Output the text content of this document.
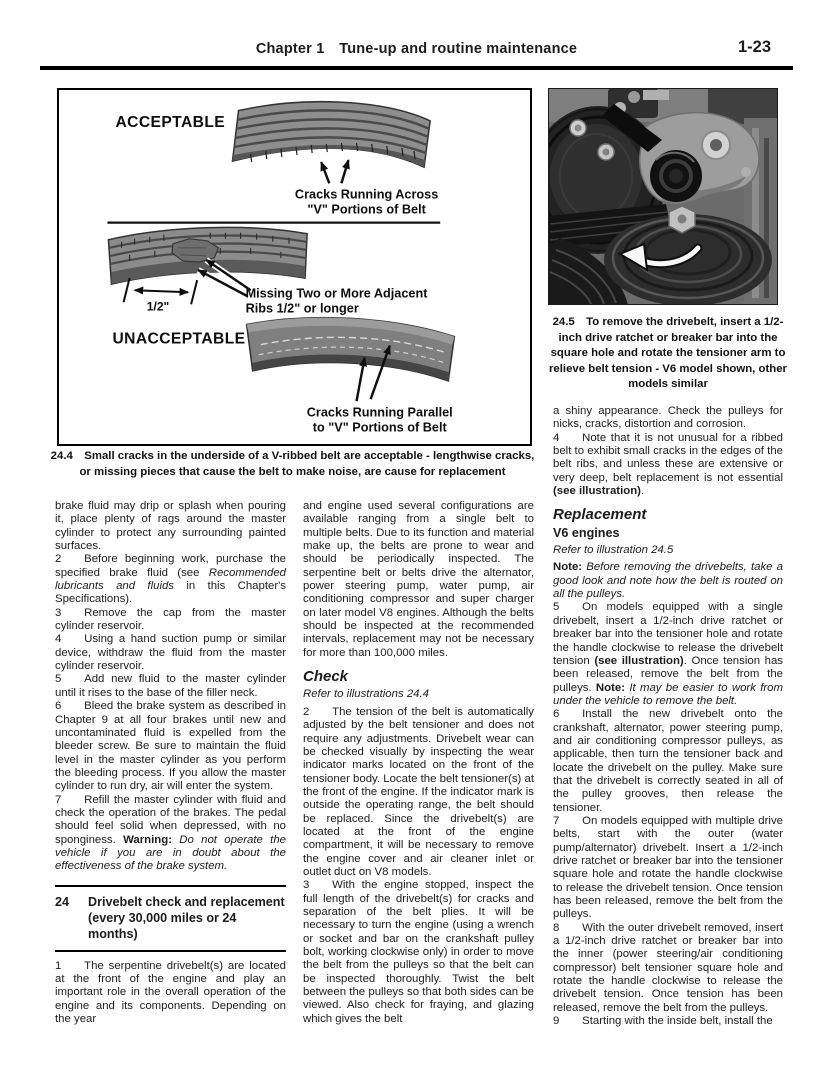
Chapter 1 Tune-up and routine maintenance	1-23
ACCEPTABLE
Cracks Running Across
"V" Portions of Belt
Missing Two or More Adjacent
Ribs 1/2" or longer
1/2"
UNACCEPTABLE
Cracks Running Parallel
to "V" Portions of Belt
24.4 Small cracks in the underside of a V-ribbed belt are acceptable - lengthwise cracks, or missing pieces that cause the belt to make noise, are cause for replacement
24.5 To remove the drivebelt, insert a 1/2-inch drive ratchet or breaker bar into the square hole and rotate the tensioner arm to relieve belt tension - V6 model shown, other models similar

brake fluid may drip or splash when pouring it, place plenty of rags around the master cylinder to protect any surrounding painted surfaces.

2  Before beginning work, purchase the specified brake fluid (see Recommended lubricants and fluids in this Chapter's Specifications).

3  Remove the cap from the master cylinder reservoir.

4  Using a hand suction pump or similar device, withdraw the fluid from the master cylinder reservoir.

5  Add new fluid to the master cylinder until it rises to the base of the filler neck.

6  Bleed the brake system as described in Chapter 9 at all four brakes until new and uncontaminated fluid is expelled from the bleeder screw. Be sure to maintain the fluid level in the master cylinder as you perform the bleeding process. If you allow the master cylinder to run dry, air will enter the system.

7  Refill the master cylinder with fluid and check the operation of the brakes. The pedal should feel solid when depressed, with no sponginess. Warning: Do not operate the vehicle if you are in doubt about the effectiveness of the brake system.

24	Drivebelt check and replacement (every 30,000 miles or 24 months)

1  The serpentine drivebelt(s) are located at the front of the engine and play an important role in the overall operation of the engine and its components. Depending on the year

and engine used several configurations are available ranging from a single belt to multiple belts. Due to its function and material make up, the belts are prone to wear and should be periodically inspected. The serpentine belt or belts drive the alternator, power steering pump, water pump, air conditioning compressor and super charger on later model V8 engines. Although the belts should be inspected at the recommended intervals, replacement may not be necessary for more than 100,000 miles.

Check
Refer to illustrations 24.4

2  The tension of the belt is automatically adjusted by the belt tensioner and does not require any adjustments. Drivebelt wear can be checked visually by inspecting the wear indicator marks located on the front of the tensioner body. Locate the belt tensioner(s) at the front of the engine. If the indicator mark is outside the operating range, the belt should be replaced. Since the drivebelt(s) are located at the front of the engine compartment, it will be necessary to remove the engine cover and air cleaner inlet or outlet duct on V8 models.

3  With the engine stopped, inspect the full length of the drivebelt(s) for cracks and separation of the belt plies. It will be necessary to turn the engine (using a wrench or socket and bar on the crankshaft pulley bolt, working clockwise only) in order to move the belt from the pulleys so that the belt can be inspected thoroughly. Twist the belt between the pulleys so that both sides can be viewed. Also check for fraying, and glazing which gives the belt

a shiny appearance. Check the pulleys for nicks, cracks, distortion and corrosion.

4  Note that it is not unusual for a ribbed belt to exhibit small cracks in the edges of the belt ribs, and unless these are extensive or very deep, belt replacement is not essential (see illustration).

Replacement
V6 engines
Refer to illustration 24.5

Note: Before removing the drivebelts, take a good look and note how the belt is routed on all the pulleys.

5  On models equipped with a single drivebelt, insert a 1/2-inch drive ratchet or breaker bar into the tensioner hole and rotate the handle clockwise to release the drivebelt tension (see illustration). Once tension has been released, remove the belt from the pulleys. Note: It may be easier to work from under the vehicle to remove the belt.

6  Install the new drivebelt onto the crankshaft, alternator, power steering pump, and air conditioning compressor pulleys, as applicable, then turn the tensioner back and locate the drivebelt on the pulley. Make sure that the drivebelt is correctly seated in all of the pulley grooves, then release the tensioner.

7  On models equipped with multiple drive belts, start with the outer (water pump/alternator) drivebelt. Insert a 1/2-inch drive ratchet or breaker bar into the tensioner square hole and rotate the handle clockwise to release the drivebelt tension. Once tension has been released, remove the belt from the pulleys.

8  With the outer drivebelt removed, insert a 1/2-inch drive ratchet or breaker bar into the inner (power steering/air conditioning compressor) belt tensioner square hole and rotate the handle clockwise to release the drivebelt tension. Once tension has been released, remove the belt from the pulleys.

9  Starting with the inside belt, install the
